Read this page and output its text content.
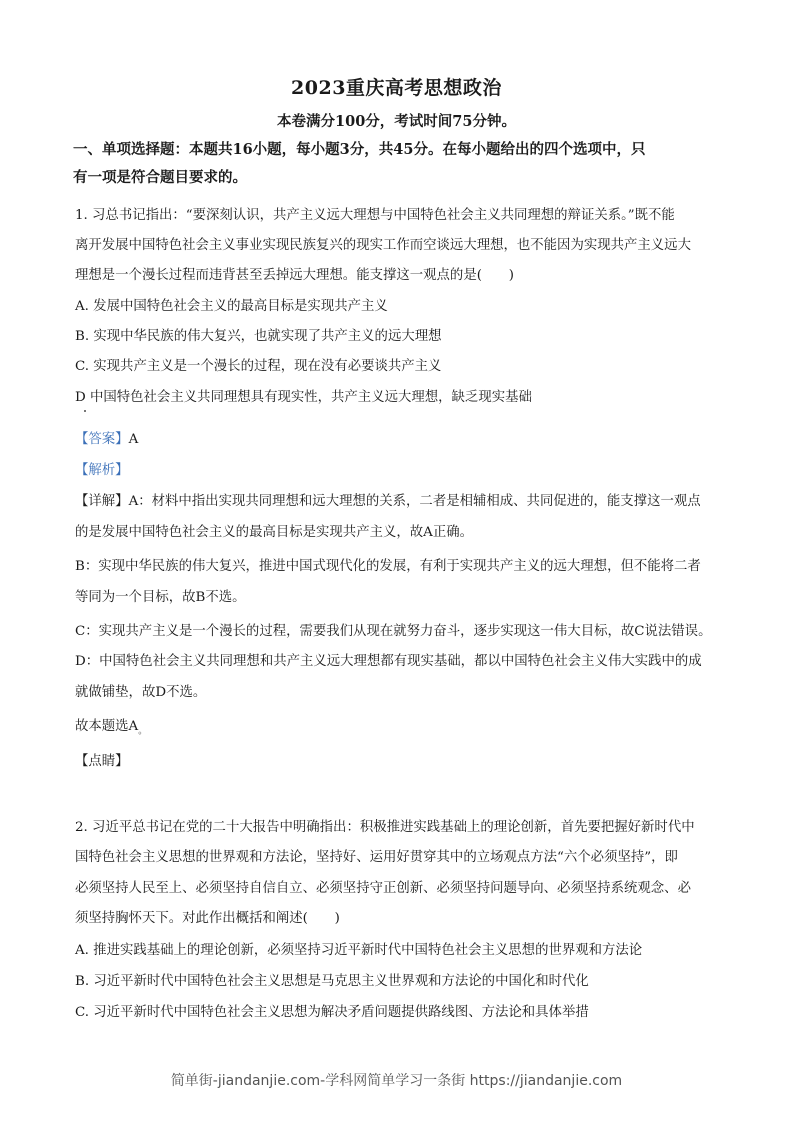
2023重庆高考思想政治
本卷满分100分，考试时间75分钟。
一、单项选择题：本题共16小题，每小题3分，共45分。在每小题给出的四个选项中，只
有一项是符合题目要求的。
1. 习总书记指出：“要深刻认识，共产主义远大理想与中国特色社会主义共同理想的辩证关系。”既不能
离开发展中国特色社会主义事业实现民族复兴的现实工作而空谈远大理想，也不能因为实现共产主义远大
理想是一个漫长过程而违背甚至丢掉远大理想。能支撑这一观点的是(　　)
A. 发展中国特色社会主义的最高目标是实现共产主义
B. 实现中华民族的伟大复兴，也就实现了共产主义的远大理想
C. 实现共产主义是一个漫长的过程，现在没有必要谈共产主义
D 中国特色社会主义共同理想具有现实性，共产主义远大理想，缺乏现实基础
【答案】A
【解析】
【详解】A：材料中指出实现共同理想和远大理想的关系，二者是相辅相成、共同促进的，能支撑这一观点
的是发展中国特色社会主义的最高目标是实现共产主义，故A正确。
B：实现中华民族的伟大复兴，推进中国式现代化的发展，有利于实现共产主义的远大理想，但不能将二者
等同为一个目标，故B不选。
C：实现共产主义是一个漫长的过程，需要我们从现在就努力奋斗，逐步实现这一伟大目标，故C说法错误。
D：中国特色社会主义共同理想和共产主义远大理想都有现实基础，都以中国特色社会主义伟大实践中的成
就做铺垫，故D不选。
故本题选$A_。$
【点睛】
2. 习近平总书记在党的二十大报告中明确指出：积极推进实践基础上的理论创新，首先要把握好新时代中
国特色社会主义思想的世界观和方法论，坚持好、运用好贯穿其中的立场观点方法“六个必须坚持”，即
必须坚持人民至上、必须坚持自信自立、必须坚持守正创新、必须坚持问题导向、必须坚持系统观念、必
须坚持胸怀天下。对此作出概括和阐述(　　)
A. 推进实践基础上的理论创新，必须坚持习近平新时代中国特色社会主义思想的世界观和方法论
B. 习近平新时代中国特色社会主义思想是马克思主义世界观和方法论的中国化和时代化
C. 习近平新时代中国特色社会主义思想为解决矛盾问题提供路线图、方法论和具体举措
简单街-jiandanjie.com-学科网简单学习一条街 https://jiandanjie.com
